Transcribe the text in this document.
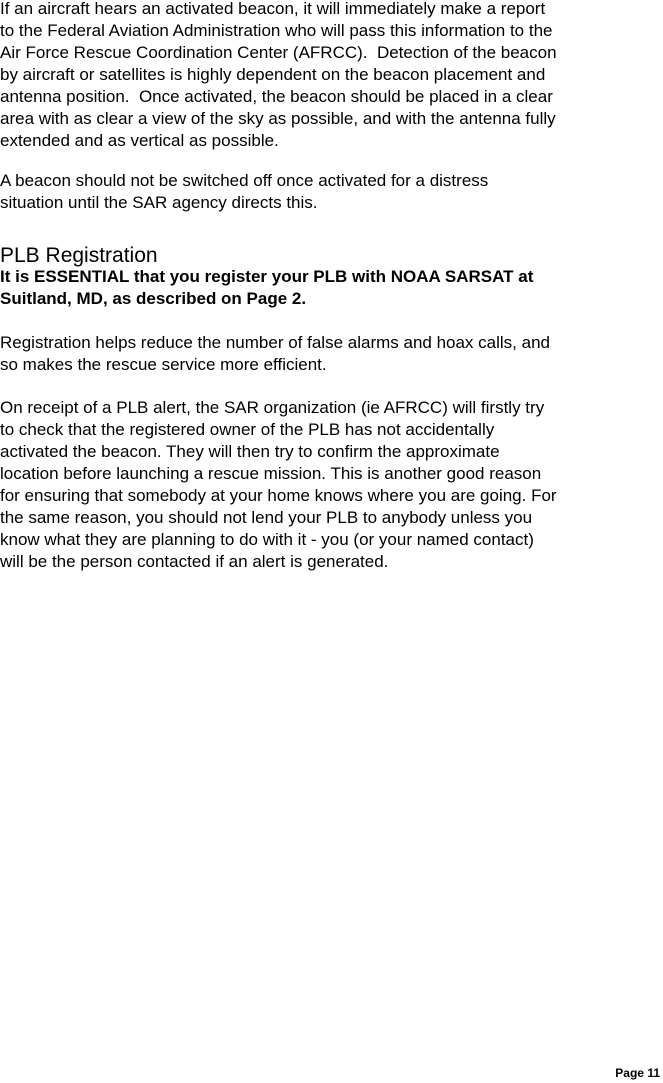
If an aircraft hears an activated beacon, it will immediately make a report
to the Federal Aviation Administration who will pass this information to the
Air Force Rescue Coordination Center (AFRCC).  Detection of the beacon
by aircraft or satellites is highly dependent on the beacon placement and
antenna position.  Once activated, the beacon should be placed in a clear
area with as clear a view of the sky as possible, and with the antenna fully
extended and as vertical as possible.
A beacon should not be switched off once activated for a distress
situation until the SAR agency directs this.
PLB Registration
It is ESSENTIAL that you register your PLB with NOAA SARSAT at
Suitland, MD, as described on Page 2.
Registration helps reduce the number of false alarms and hoax calls, and
so makes the rescue service more efficient.
On receipt of a PLB alert, the SAR organization (ie AFRCC) will firstly try
to check that the registered owner of the PLB has not accidentally
activated the beacon. They will then try to confirm the approximate
location before launching a rescue mission. This is another good reason
for ensuring that somebody at your home knows where you are going. For
the same reason, you should not lend your PLB to anybody unless you
know what they are planning to do with it - you (or your named contact)
will be the person contacted if an alert is generated.
Page 11
